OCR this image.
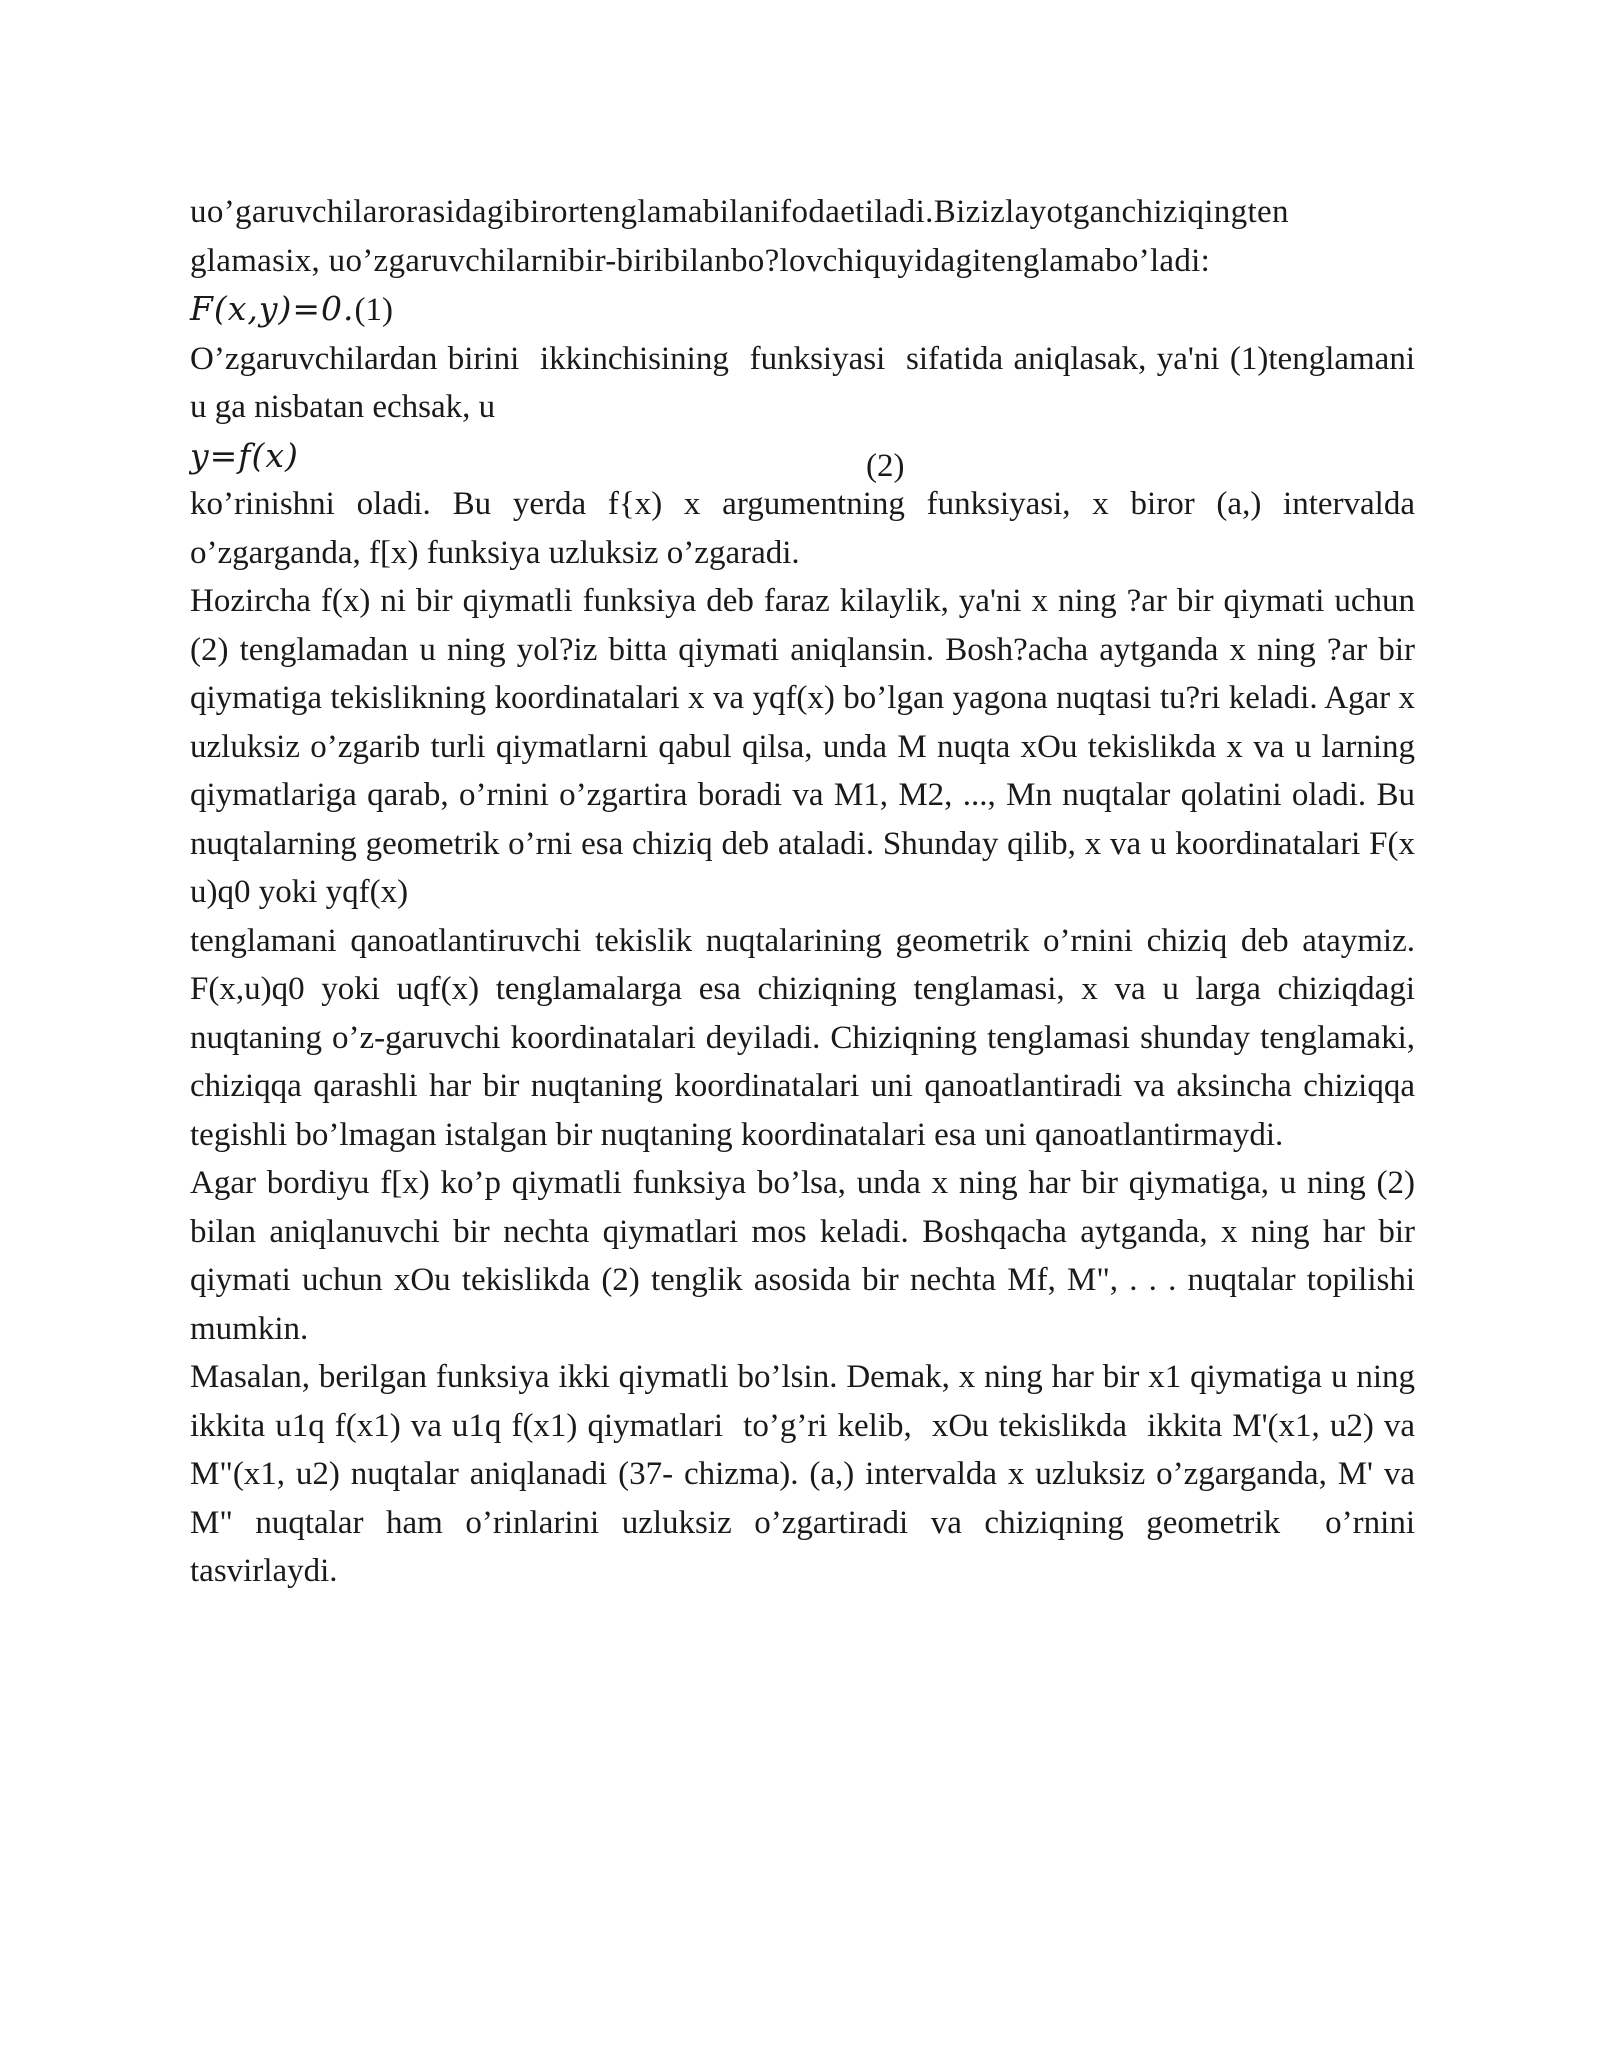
uo’garuvchilarorasidagibirortenglamabilanifodaetiladi.Bizizlayotganchiziqingten

glamasix, uo’zgaruvchilarnibir-biribilanbo?lovchiquyidagitenglamabo’ladi:

F(x,y)=0.(1)

O’zgaruvchilardan birini  ikkinchisining  funksiyasi  sifatida aniqlasak, ya'ni (1)tenglamani u ga nisbatan echsak, u

y=f(x)	(2)

ko’rinishni oladi. Bu yerda f{x) x argumentning funksiyasi, x biror (a,) intervalda o’zgarganda, f[x) funksiya uzluksiz o’zgaradi.

Hozircha f(x) ni bir qiymatli funksiya deb faraz kilaylik, ya'ni x ning ?ar bir qiymati uchun (2) tenglamadan u ning yol?iz bitta qiymati aniqlansin. Bosh?acha aytganda x ning ?ar bir qiymatiga tekislikning koordinatalari x va yqf(x) bo’lgan yagona nuqtasi tu?ri keladi. Agar x uzluksiz o’zgarib turli qiymatlarni qabul qilsa, unda M nuqta xOu tekislikda x va u larning qiymatlariga qarab, o’rnini o’zgartira boradi va M1, M2, ..., Mn nuqtalar qolatini oladi. Bu nuqtalarning geometrik o’rni esa chiziq deb ataladi. Shunday qilib, x va u koordinatalari F(x u)q0 yoki yqf(x)

tenglamani qanoatlantiruvchi tekislik nuqtalarining geometrik o’rnini chiziq deb ataymiz. F(x,u)q0 yoki uqf(x) tenglamalarga esa chiziqning tenglamasi, x va u larga chiziqdagi nuqtaning o’z-garuvchi koordinatalari deyiladi. Chiziqning tenglamasi shunday tenglamaki, chiziqqa qarashli har bir nuqtaning koordinatalari uni qanoatlantiradi va aksincha chiziqqa tegishli bo’lmagan istalgan bir nuqtaning koordinatalari esa uni qanoatlantirmaydi.

Agar bordiyu f[x) ko’p qiymatli funksiya bo’lsa, unda x ning har bir qiymatiga, u ning (2) bilan aniqlanuvchi bir nechta qiymatlari mos keladi. Boshqacha aytganda, x ning har bir qiymati uchun xOu tekislikda (2) tenglik asosida bir nechta Mf, M", . . . nuqtalar topilishi mumkin.

Masalan, berilgan funksiya ikki qiymatli bo’lsin. Demak, x ning har bir x1 qiymatiga u ning ikkita u1q f(x1) va u1q f(x1) qiymatlari  to’g’ri kelib,  xOu tekislikda  ikkita M'(x1, u2) va M"(x1, u2) nuqtalar aniqlanadi (37- chizma). (a,) intervalda x uzluksiz o’zgarganda, M' va M" nuqtalar ham o’rinlarini uzluksiz o’zgartiradi va chiziqning geometrik  o’rnini  tasvirlaydi.
